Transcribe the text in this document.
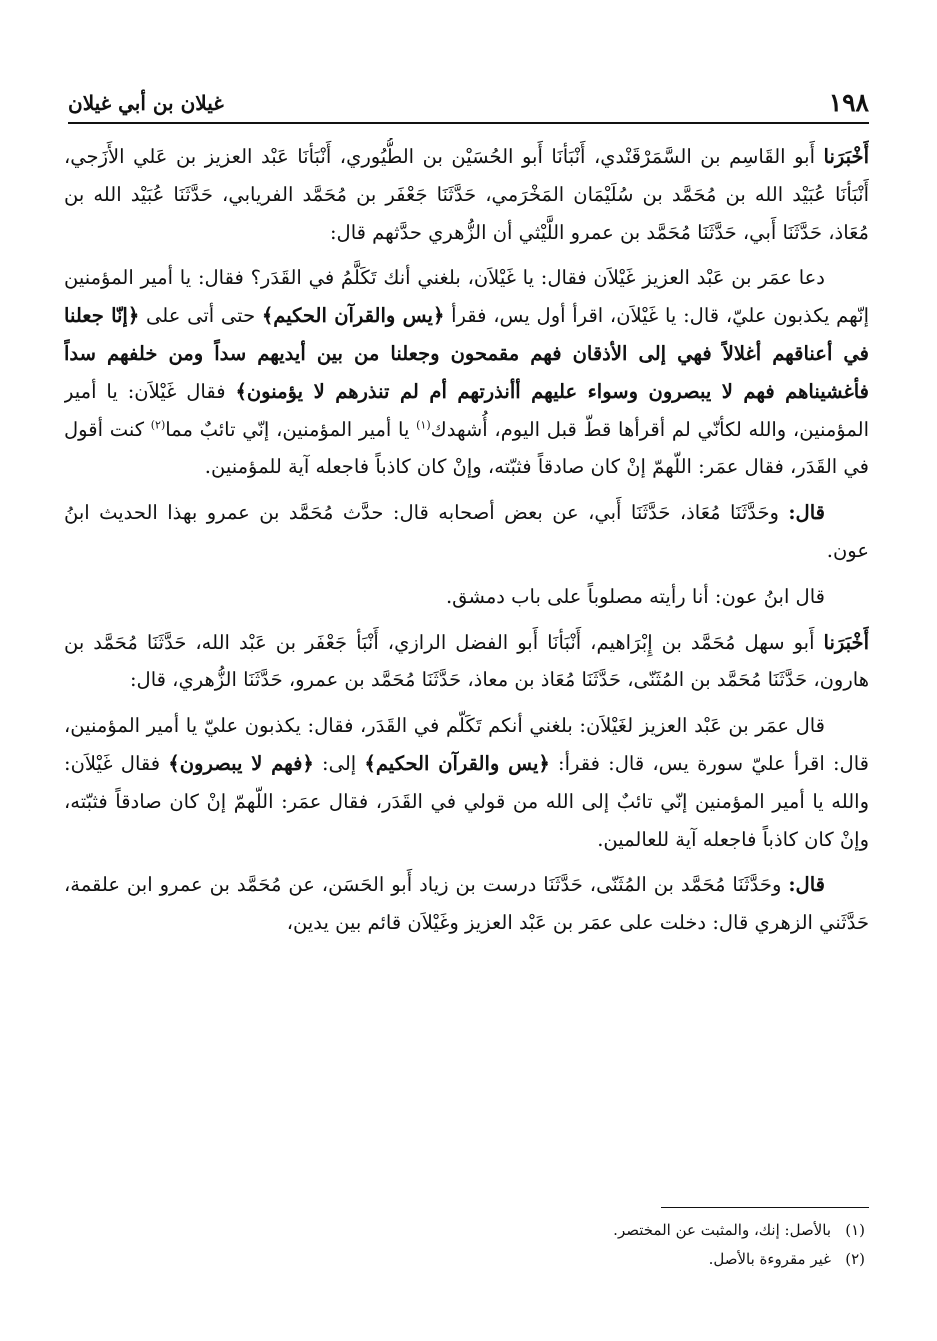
١٩٨
غيلان بن أبي غيلان

أَخْبَرَنا أَبو القَاسِم بن السَّمَرْقَنْدي، أَنْبَأنَا أَبو الحُسَيْن بن الطُّيُوري، أَنْبَأنَا عَبْد العزيز بن عَلي الأَزَجي، أَنْبَأنَا عُبَيْد الله بن مُحَمَّد بن سُلَيْمَان المَخْرَمي، حَدَّثَنَا جَعْفَر بن مُحَمَّد الفريابي، حَدَّثَنَا عُبَيْد الله بن مُعَاذ، حَدَّثَنَا أَبي، حَدَّثَنَا مُحَمَّد بن عمرو اللَّيْثي أن الزُّهري حدَّثهم قال:

دعا عمَر بن عَبْد العزيز غَيْلاَن فقال: يا غَيْلاَن، بلغني أنك تَكَلَّمُ في القَدَر؟ فقال: يا أمير المؤمنين إنّهم يكذبون عليّ، قال: يا غَيْلاَن، اقرأ أول يس، فقرأ ﴿يس والقرآن الحكيم﴾ حتى أتى على ﴿إنّا جعلنا في أعناقهم أغلالاً فهي إلى الأذقان فهم مقمحون وجعلنا من بين أيديهم سداً ومن خلفهم سداً فأغشيناهم فهم لا يبصرون وسواء عليهم أأنذرتهم أم لم تنذرهم لا يؤمنون﴾ فقال غَيْلاَن: يا أمير المؤمنين، والله لكأنّي لم أقرأها قطّ قبل اليوم، أُشهدك$^{(١)}$ يا أمير المؤمنين، إنّي تائبٌ مما$^{(٢)}$ كنت أقول في القَدَر، فقال عمَر: اللّهمّ إنْ كان صادقاً فثبّته، وإنْ كان كاذباً فاجعله آية للمؤمنين.

قال: وحَدَّثَنَا مُعَاذ، حَدَّثَنَا أَبي، عن بعض أصحابه قال: حدَّث مُحَمَّد بن عمرو بهذا الحديث ابنُ عون.

قال ابنُ عون: أنا رأيته مصلوباً على باب دمشق.

أَخْبَرَنا أَبو سهل مُحَمَّد بن إِبْرَاهيم، أَنْبَأنَا أَبو الفضل الرازي، أَنْبَأ جَعْفَر بن عَبْد الله، حَدَّثَنَا مُحَمَّد بن هارون، حَدَّثَنَا مُحَمَّد بن المُثَنّى، حَدَّثَنَا مُعَاذ بن معاذ، حَدَّثَنَا مُحَمَّد بن عمرو، حَدَّثَنَا الزُّهري، قال:

قال عمَر بن عَبْد العزيز لغَيْلاَن: بلغني أنكم تَكَلّم في القَدَر، فقال: يكذبون عليّ يا أمير المؤمنين، قال: اقرأ عليّ سورة يس، قال: فقرأ: ﴿يس والقرآن الحكيم﴾ إلى: ﴿فهم لا يبصرون﴾ فقال غَيْلاَن: والله يا أمير المؤمنين إنّي تائبٌ إلى الله من قولي في القَدَر، فقال عمَر: اللّهمّ إنْ كان صادقاً فثبّته، وإنْ كان كاذباً فاجعله آية للعالمين.

قال: وحَدَّثَنَا مُحَمَّد بن المُثَنّى، حَدَّثَنَا درست بن زياد أَبو الحَسَن، عن مُحَمَّد بن عمرو ابن علقمة، حَدَّثَني الزهري قال: دخلت على عمَر بن عَبْد العزيز وغَيْلاَن قائم بين يدين،

(١)
بالأصل: إنك، والمثبت عن المختصر.

(٢)
غير مقروءة بالأصل.
